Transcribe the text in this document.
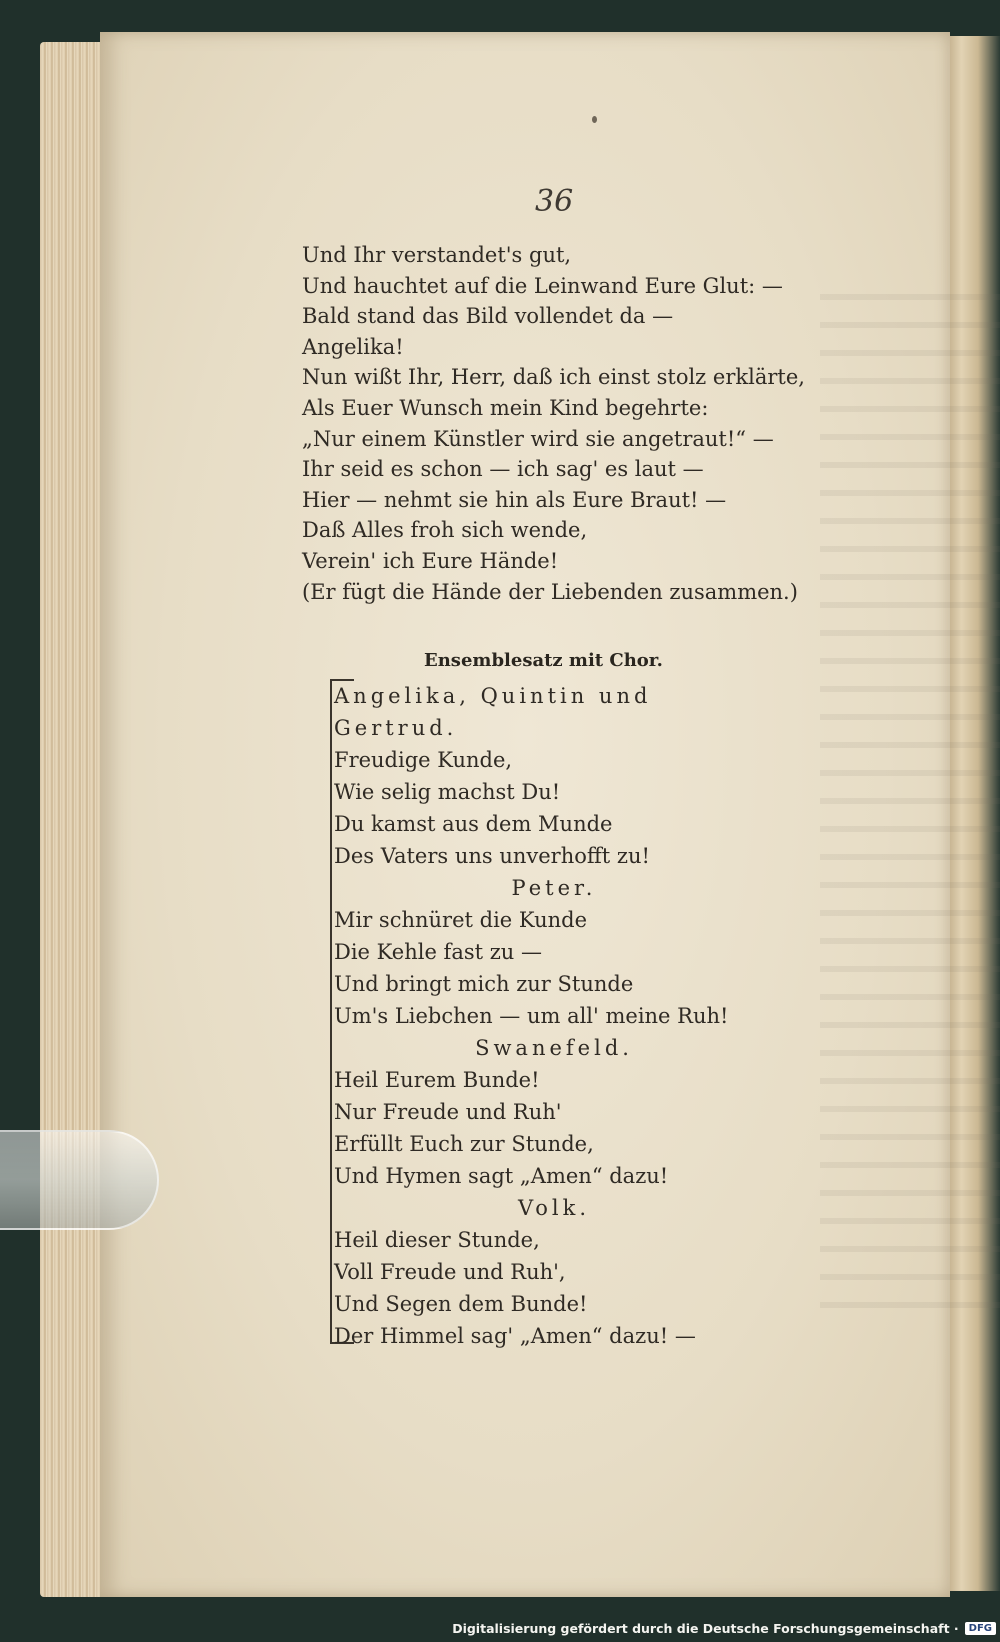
36
Und Ihr verstandet's gut,
Und hauchtet auf die Leinwand Eure Glut: —
Bald stand das Bild vollendet da —
Angelika!
Nun wißt Ihr, Herr, daß ich einst stolz erklärte,
Als Euer Wunsch mein Kind begehrte:
„Nur einem Künstler wird sie angetraut!“ —
Ihr seid es schon — ich sag' es laut —
Hier — nehmt sie hin als Eure Braut! —
Daß Alles froh sich wende,
Verein' ich Eure Hände!
(Er fügt die Hände der Liebenden zusammen.)
Ensemblesatz mit Chor.
Angelika, Quintin und Gertrud.
Freudige Kunde,
Wie selig machst Du!
Du kamst aus dem Munde
Des Vaters uns unverhofft zu!
Peter.
Mir schnüret die Kunde
Die Kehle fast zu —
Und bringt mich zur Stunde
Um's Liebchen — um all' meine Ruh!
Swanefeld.
Heil Eurem Bunde!
Nur Freude und Ruh'
Erfüllt Euch zur Stunde,
Und Hymen sagt „Amen“ dazu!
Volk.
Heil dieser Stunde,
Voll Freude und Ruh',
Und Segen dem Bunde!
Der Himmel sag' „Amen“ dazu! —
Digitalisierung gefördert durch die Deutsche Forschungsgemeinschaft ·	DFG
